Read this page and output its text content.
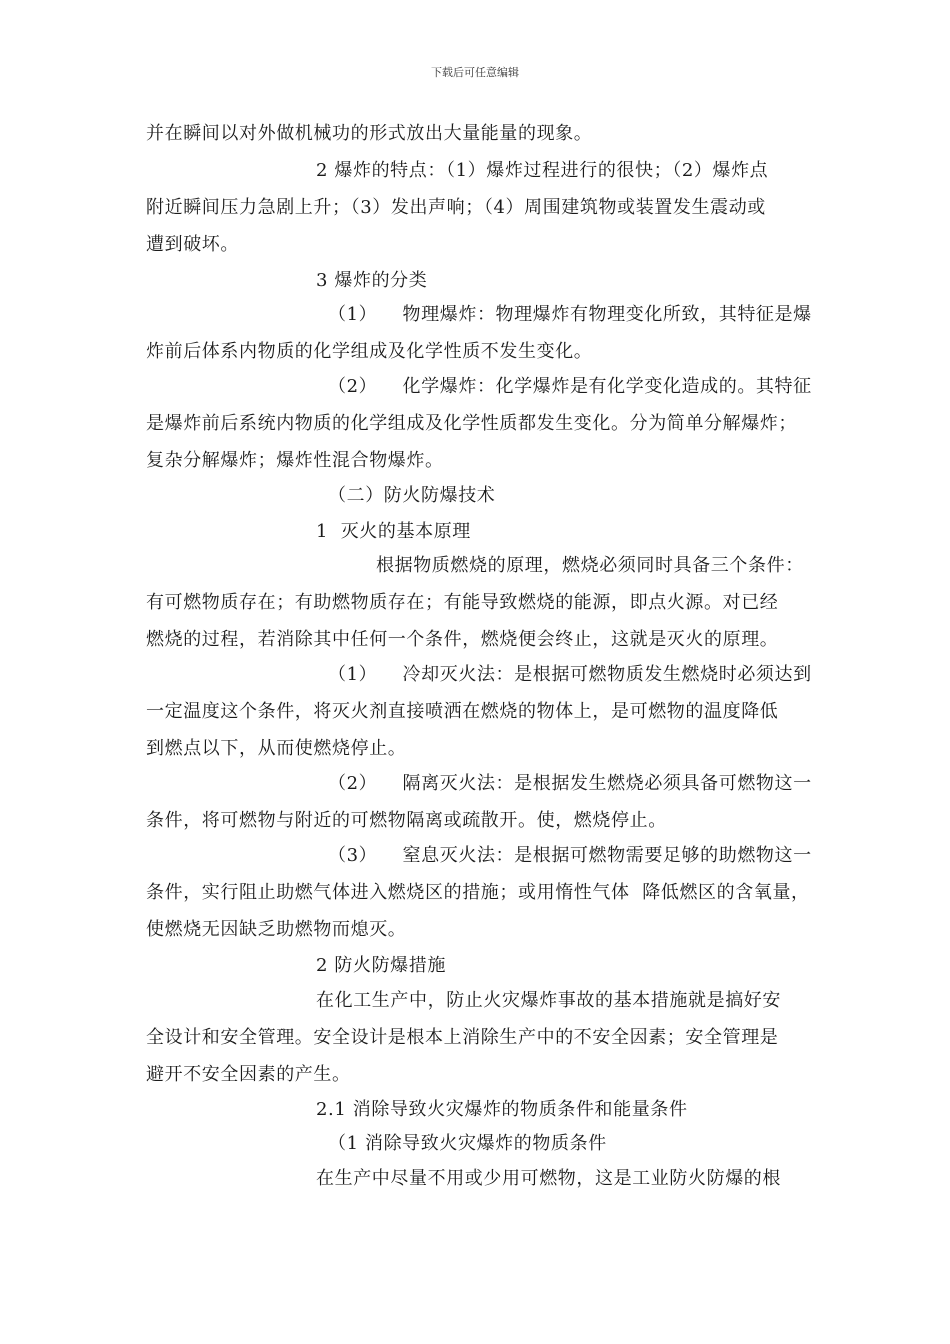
下载后可任意编辑
并在瞬间以对外做机械功的形式放出大量能量的现象。
2 爆炸的特点：（1）爆炸过程进行的很快；（2）爆炸点
附近瞬间压力急剧上升；（3）发出声响；（4）周围建筑物或装置发生震动或
遭到破坏。
3 爆炸的分类
（1）    物理爆炸：物理爆炸有物理变化所致，其特征是爆
炸前后体系内物质的化学组成及化学性质不发生变化。
（2）    化学爆炸：化学爆炸是有化学变化造成的。其特征
是爆炸前后系统内物质的化学组成及化学性质都发生变化。分为简单分解爆炸；
复杂分解爆炸；爆炸性混合物爆炸。
（二）防火防爆技术
1  灭火的基本原理
根据物质燃烧的原理，燃烧必须同时具备三个条件：
有可燃物质存在；有助燃物质存在；有能导致燃烧的能源，即点火源。对已经
燃烧的过程，若消除其中任何一个条件，燃烧便会终止，这就是灭火的原理。
（1）    冷却灭火法：是根据可燃物质发生燃烧时必须达到
一定温度这个条件，将灭火剂直接喷洒在燃烧的物体上，是可燃物的温度降低
到燃点以下，从而使燃烧停止。
（2）    隔离灭火法：是根据发生燃烧必须具备可燃物这一
条件，将可燃物与附近的可燃物隔离或疏散开。使，燃烧停止。
（3）    窒息灭火法：是根据可燃物需要足够的助燃物这一
条件，实行阻止助燃气体进入燃烧区的措施；或用惰性气体  降低燃区的含氧量，
使燃烧无因缺乏助燃物而熄灭。
2 防火防爆措施
在化工生产中，防止火灾爆炸事故的基本措施就是搞好安
全设计和安全管理。安全设计是根本上消除生产中的不安全因素；安全管理是
避开不安全因素的产生。
2.1 消除导致火灾爆炸的物质条件和能量条件
（1 消除导致火灾爆炸的物质条件
在生产中尽量不用或少用可燃物，这是工业防火防爆的根
